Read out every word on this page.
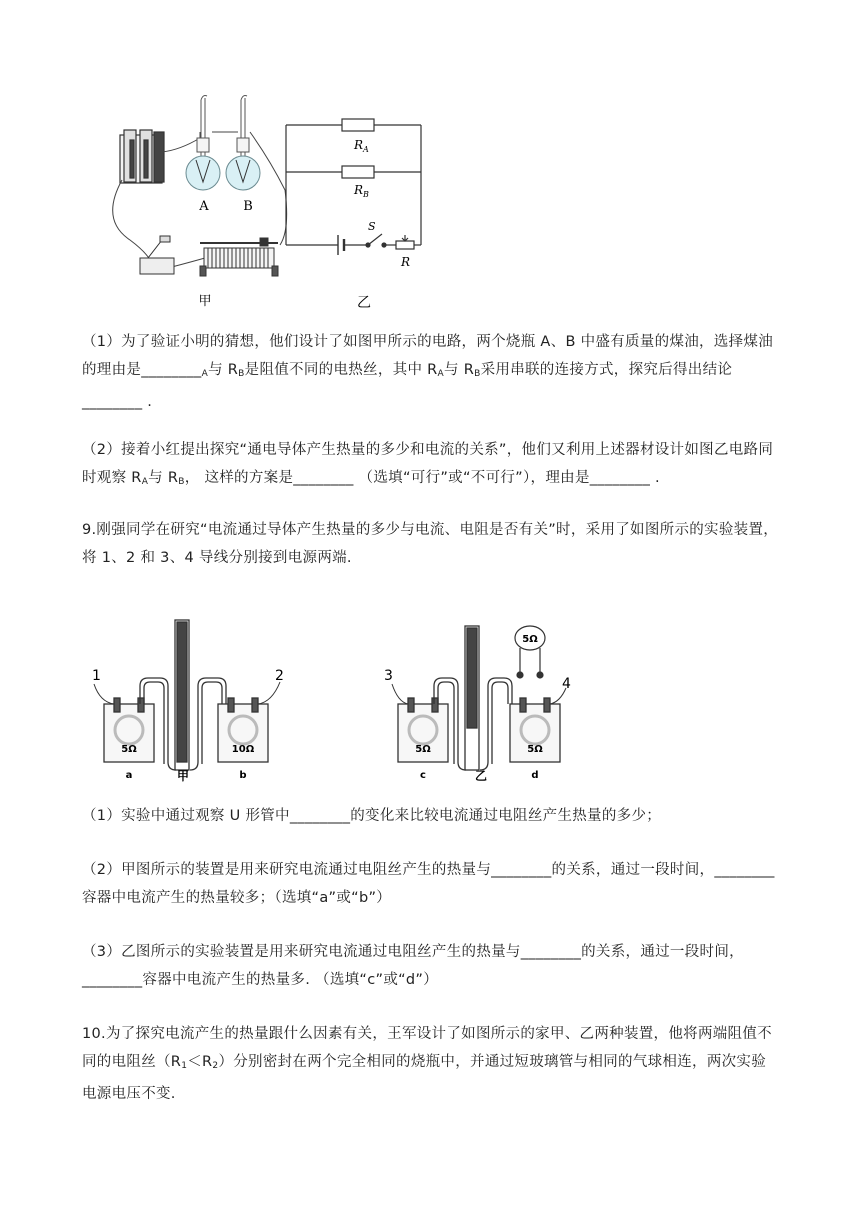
A	B
甲
$R_A$
$R_B$
S
R
乙

（1）为了验证小明的猜想，他们设计了如图甲所示的电路，两个烧瓶 A、B 中盛有质量的煤油，选择煤油
的理由是$\_\_\_\_\_\_\_\__A$与 $R_B$是阻值不同的电热丝，其中 $R_A$与 $R_B$采用串联的连接方式，探究后得出结论
________ .

（2）接着小红提出探究“通电导体产生热量的多少和电流的关系”，他们又利用上述器材设计如图乙电路同
时观察 $R_A$与 $R_B$， 这样的方案是________ （选填“可行”或“不可行”），理由是________ .

9.刚强同学在研究“电流通过导体产生热量的多少与电流、电阻是否有关”时，采用了如图所示的实验装置，
将 1、2 和 3、4 导线分别接到电源两端.

1	2
5Ω	10Ω
a	甲	b
5Ω
3	4
5Ω	5Ω
c	乙	d

（1）实验中通过观察 U 形管中________的变化来比较电流通过电阻丝产生热量的多少；

（2）甲图所示的装置是用来研究电流通过电阻丝产生的热量与________的关系，通过一段时间，________
容器中电流产生的热量较多；（选填“a”或“b”）

（3）乙图所示的实验装置是用来研究电流通过电阻丝产生的热量与________的关系，通过一段时间，
________容器中电流产生的热量多. （选填“c”或“d”）

10.为了探究电流产生的热量跟什么因素有关，王军设计了如图所示的家甲、乙两种装置，他将两端阻值不
同的电阻丝$(R_1<R_2)$分别密封在两个完全相同的烧瓶中，并通过短玻璃管与相同的气球相连，两次实验
电源电压不变.
